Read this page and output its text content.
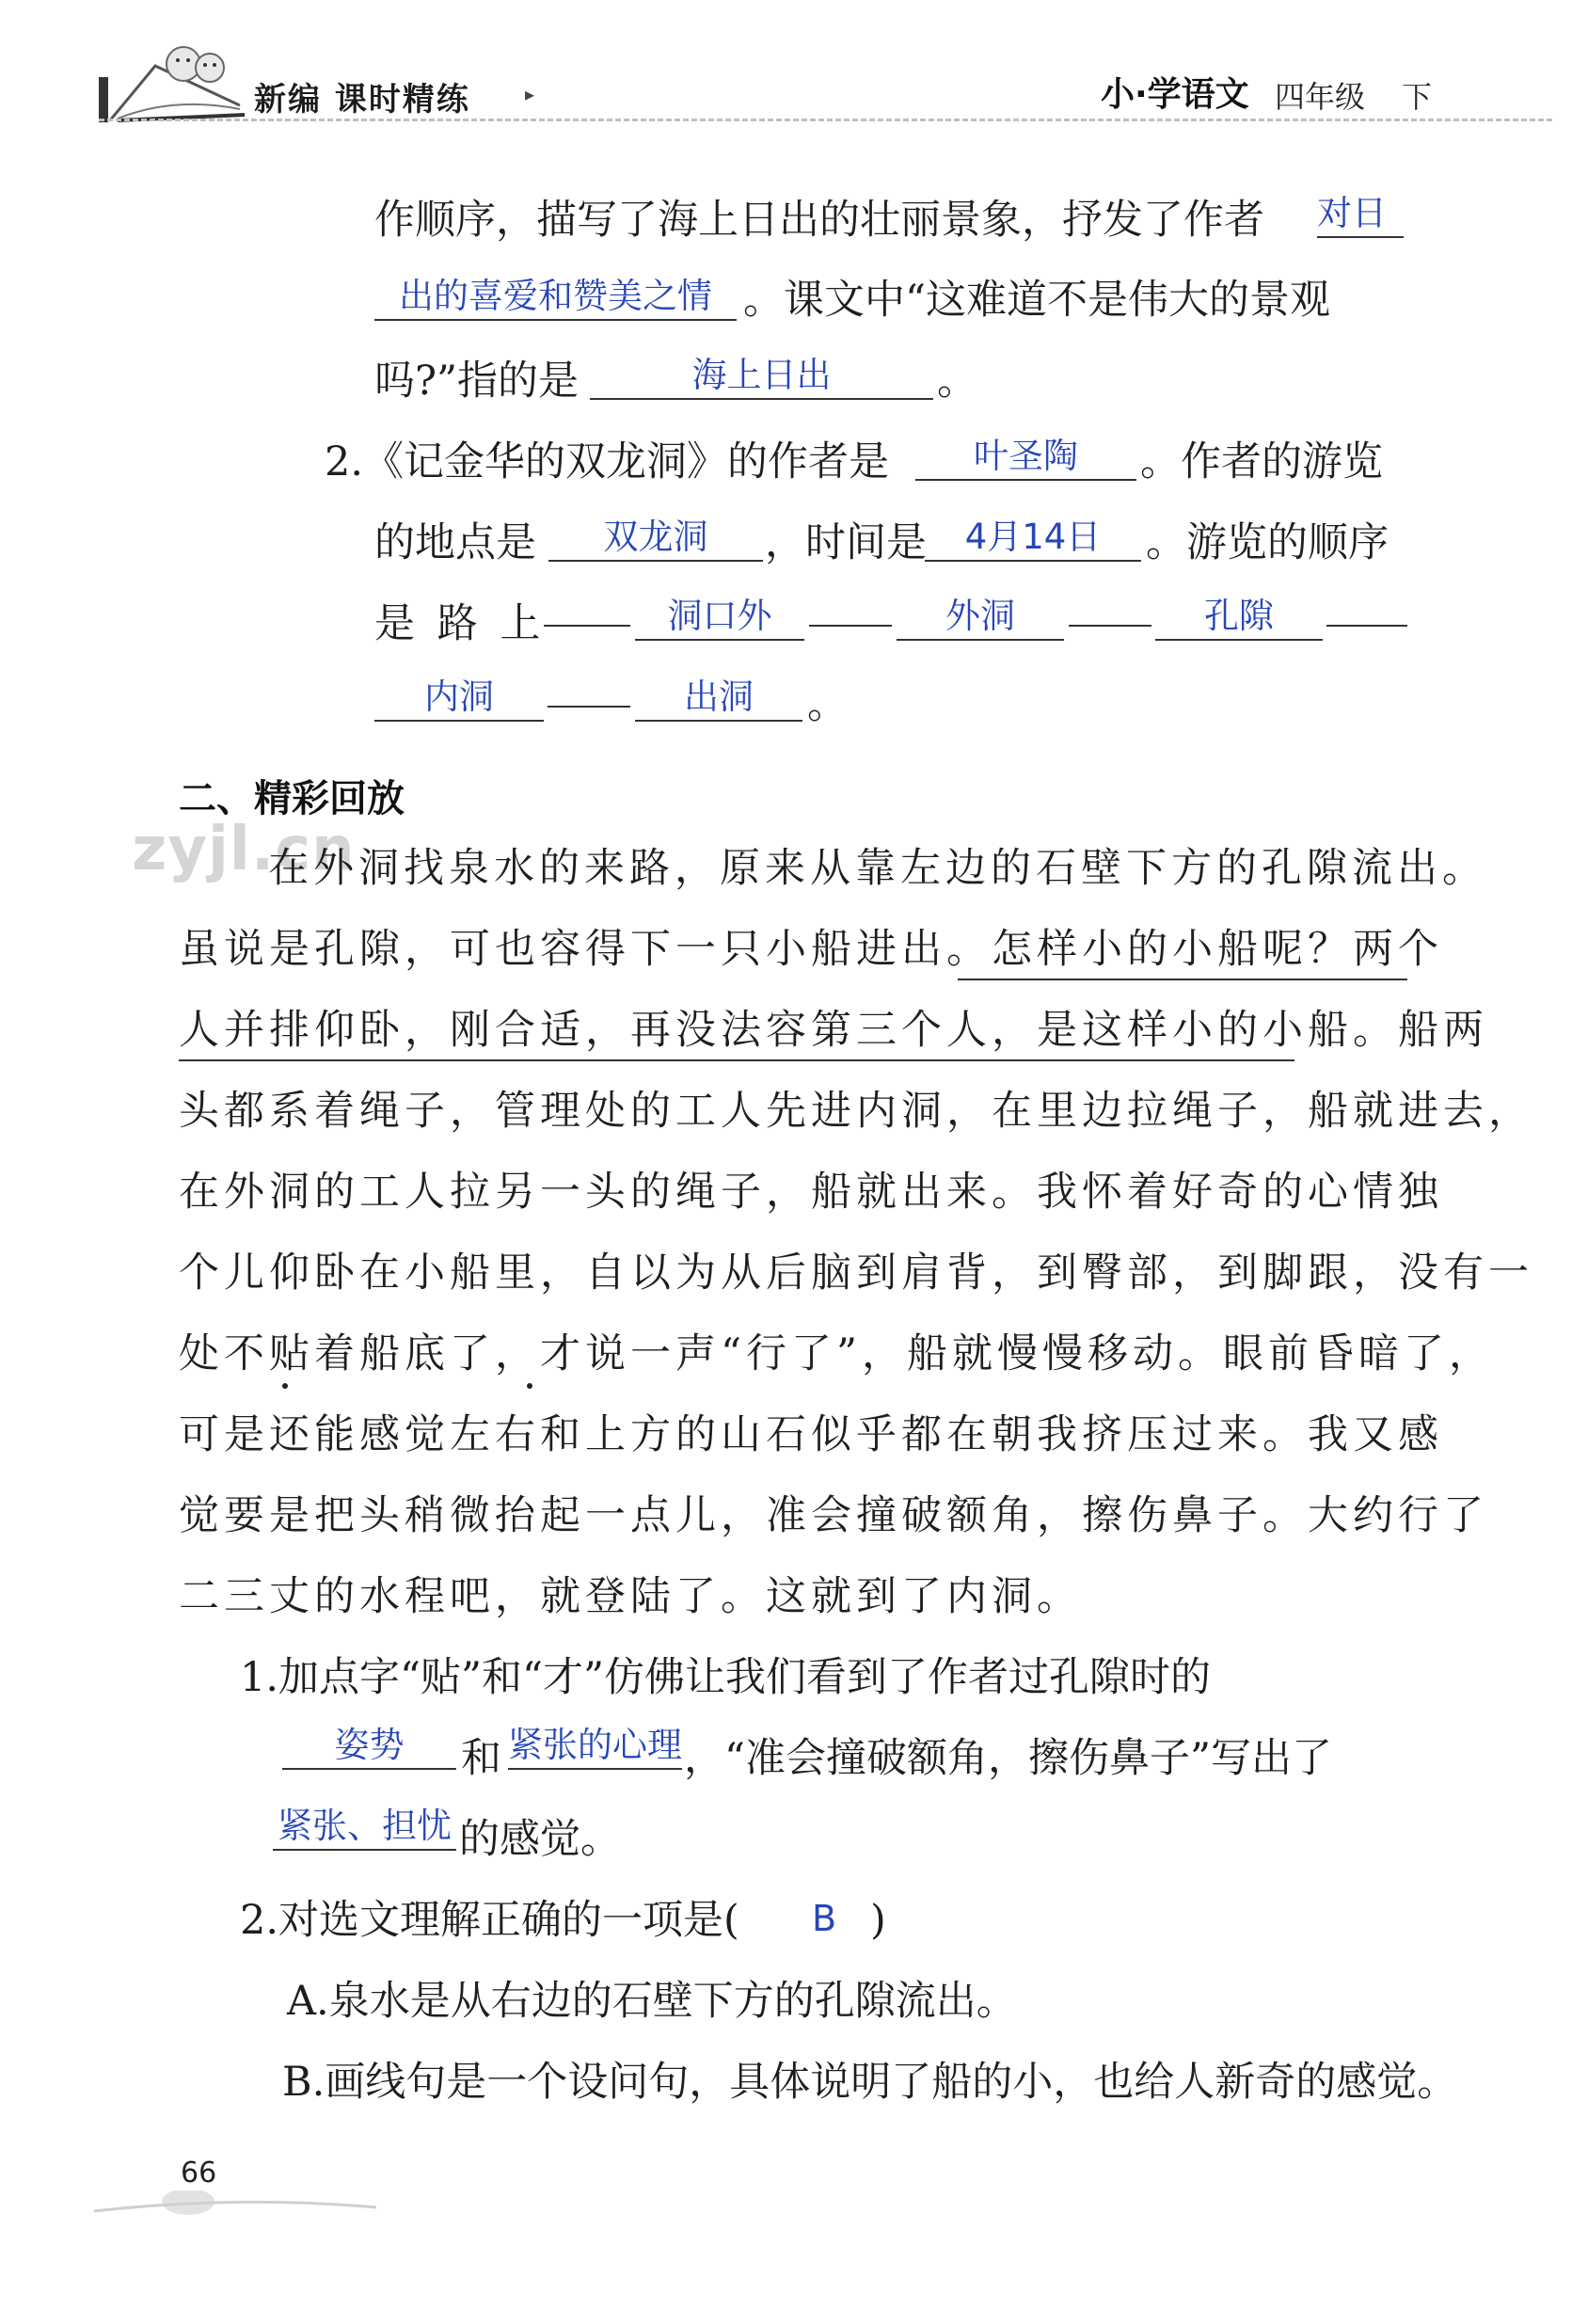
新编 课时精练	▸	小·学语文 四年级 下
作顺序，描写了海上日出的壮丽景象，抒发了作者 对日
出的喜爱和赞美之情 。课文中“这难道不是伟大的景观
吗?”指的是	海上日出	。
2.《记金华的双龙洞》的作者是	叶圣陶	。作者的游览
的地点是	双龙洞	，时间是	4月14日	。游览的顺序
是 路 上	洞口外	外洞	孔隙
内洞	出洞	。
zyjl.cn
二、精彩回放
在外洞找泉水的来路，原来从靠左边的石壁下方的孔隙流出。
虽说是孔隙，可也容得下一只小船进出。怎样小的小船呢？两个
人并排仰卧，刚合适，再没法容第三个人，是这样小的小船。船两
头都系着绳子，管理处的工人先进内洞，在里边拉绳子，船就进去，
在外洞的工人拉另一头的绳子，船就出来。我怀着好奇的心情独
个儿仰卧在小船里，自以为从后脑到肩背，到臀部，到脚跟，没有一
处不贴着船底了，才说一声“行了”，船就慢慢移动。眼前昏暗了，
可是还能感觉左右和上方的山石似乎都在朝我挤压过来。我又感
觉要是把头稍微抬起一点儿，准会撞破额角，擦伤鼻子。大约行了
二三丈的水程吧，就登陆了。这就到了内洞。
1.加点字“贴”和“才”仿佛让我们看到了作者过孔隙时的
姿势	和 紧张的心理 ，“准会撞破额角，擦伤鼻子”写出了
紧张、担忧 的感觉。
2.对选文理解正确的一项是( B )
A.泉水是从右边的石壁下方的孔隙流出。
B.画线句是一个设问句，具体说明了船的小，也给人新奇的感觉。
66
